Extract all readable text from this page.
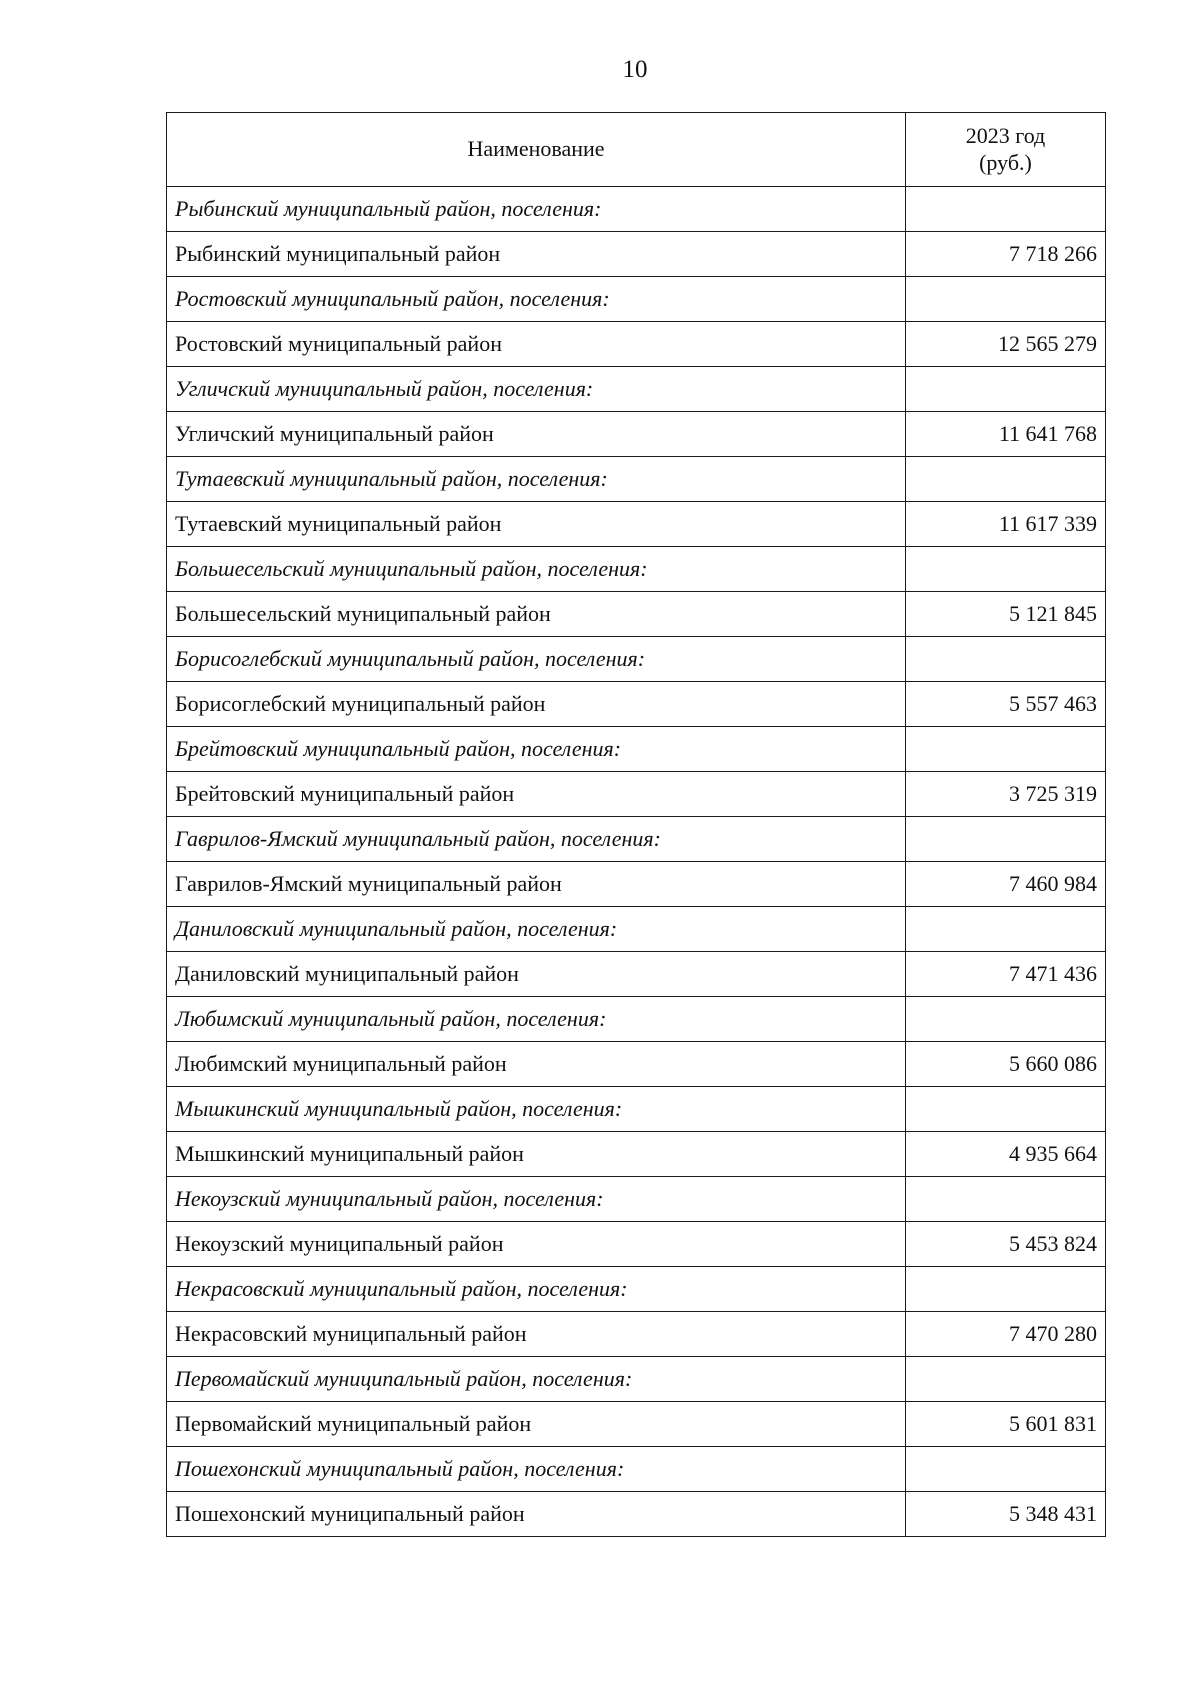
10
Наименование	2023 год
(руб.)

Рыбинский муниципальный район, поселения:	
Рыбинский муниципальный район	7 718 266
Ростовский муниципальный район, поселения:	
Ростовский муниципальный район	12 565 279
Угличский муниципальный район, поселения:	
Угличский муниципальный район	11 641 768
Тутаевский муниципальный район, поселения:	
Тутаевский муниципальный район	11 617 339
Большесельский муниципальный район, поселения:	
Большесельский муниципальный район	5 121 845
Борисоглебский муниципальный район, поселения:	
Борисоглебский муниципальный район	5 557 463
Брейтовский муниципальный район, поселения:	
Брейтовский муниципальный район	3 725 319
Гаврилов-Ямский муниципальный район, поселения:	
Гаврилов-Ямский муниципальный район	7 460 984
Даниловский муниципальный район, поселения:	
Даниловский муниципальный район	7 471 436
Любимский муниципальный район, поселения:	
Любимский муниципальный район	5 660 086
Мышкинский муниципальный район, поселения:	
Мышкинский муниципальный район	4 935 664
Некоузский муниципальный район, поселения:	
Некоузский муниципальный район	5 453 824
Некрасовский муниципальный район, поселения:	
Некрасовский муниципальный район	7 470 280
Первомайский муниципальный район, поселения:	
Первомайский муниципальный район	5 601 831
Пошехонский муниципальный район, поселения:	
Пошехонский муниципальный район	5 348 431
